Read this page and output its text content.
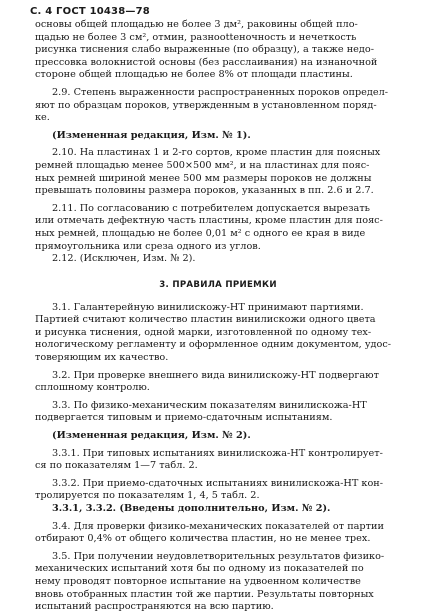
С. 4 ГОСТ 10438—78

основы общей площадью не более 3 дм², раковины общей пло-

щадью не более 3 см², отмин, разноottеночность и нечеткость

рисунка тиснения слабо выраженные (по образцу), а также недо-

прессовка волокнистой основы (без расслаивания) на изнаночной

стороне общей площадью не более 8% от площади пластины.

2.9. Степень выраженности распространенных пороков определ-

яют по образцам пороков, утвержденным в установленном поряд-

ке.

(Измененная редакция, Изм. № 1).

2.10. На пластинах 1 и 2-го сортов, кроме пластин для поясных

ремней площадью менее 500×500 мм², и на пластинах для пояс-

ных ремней шириной менее 500 мм размеры пороков не должны

превышать половины размера пороков, указанных в пп. 2.6 и 2.7.

2.11. По согласованию с потребителем допускается вырезать

или отмечать дефектную часть пластины, кроме пластин для пояс-

ных ремней, площадью не более 0,01 м² с одного ее края в виде

прямоугольника или среза одного из углов.

2.12. (Исключен, Изм. № 2).

3. ПРАВИЛА ПРИЕМКИ

3.1. Галантерейную винилискожу-НТ принимают партиями.

Партией считают количество пластин винилискожи одного цвета

и рисунка тиснения, одной марки, изготовленной по одному тех-

нологическому регламенту и оформленное одним документом, удос-

товеряющим их качество.

3.2. При проверке внешнего вида винилискожу-НТ подвергают

сплошному контролю.

3.3. По физико-механическим показателям винилискожа-НТ

подвергается типовым и приемо-сдаточным испытаниям.

(Измененная редакция, Изм. № 2).

3.3.1. При типовых испытаниях винилискожа-НТ контролирует-

ся по показателям 1—7 табл. 2.

3.3.2. При приемо-сдаточных испытаниях винилискожа-НТ кон-

тролируется по показателям 1, 4, 5 табл. 2.

3.3.1, 3.3.2. (Введены дополнительно, Изм. № 2).

3.4. Для проверки физико-механических показателей от партии

отбирают 0,4% от общего количества пластин, но не менее трех.

3.5. При получении неудовлетворительных результатов физико-

механических испытаний хотя бы по одному из показателей по

нему проводят повторное испытание на удвоенном количестве

вновь отобранных пластин той же партии. Результаты повторных

испытаний распространяются на всю партию.
